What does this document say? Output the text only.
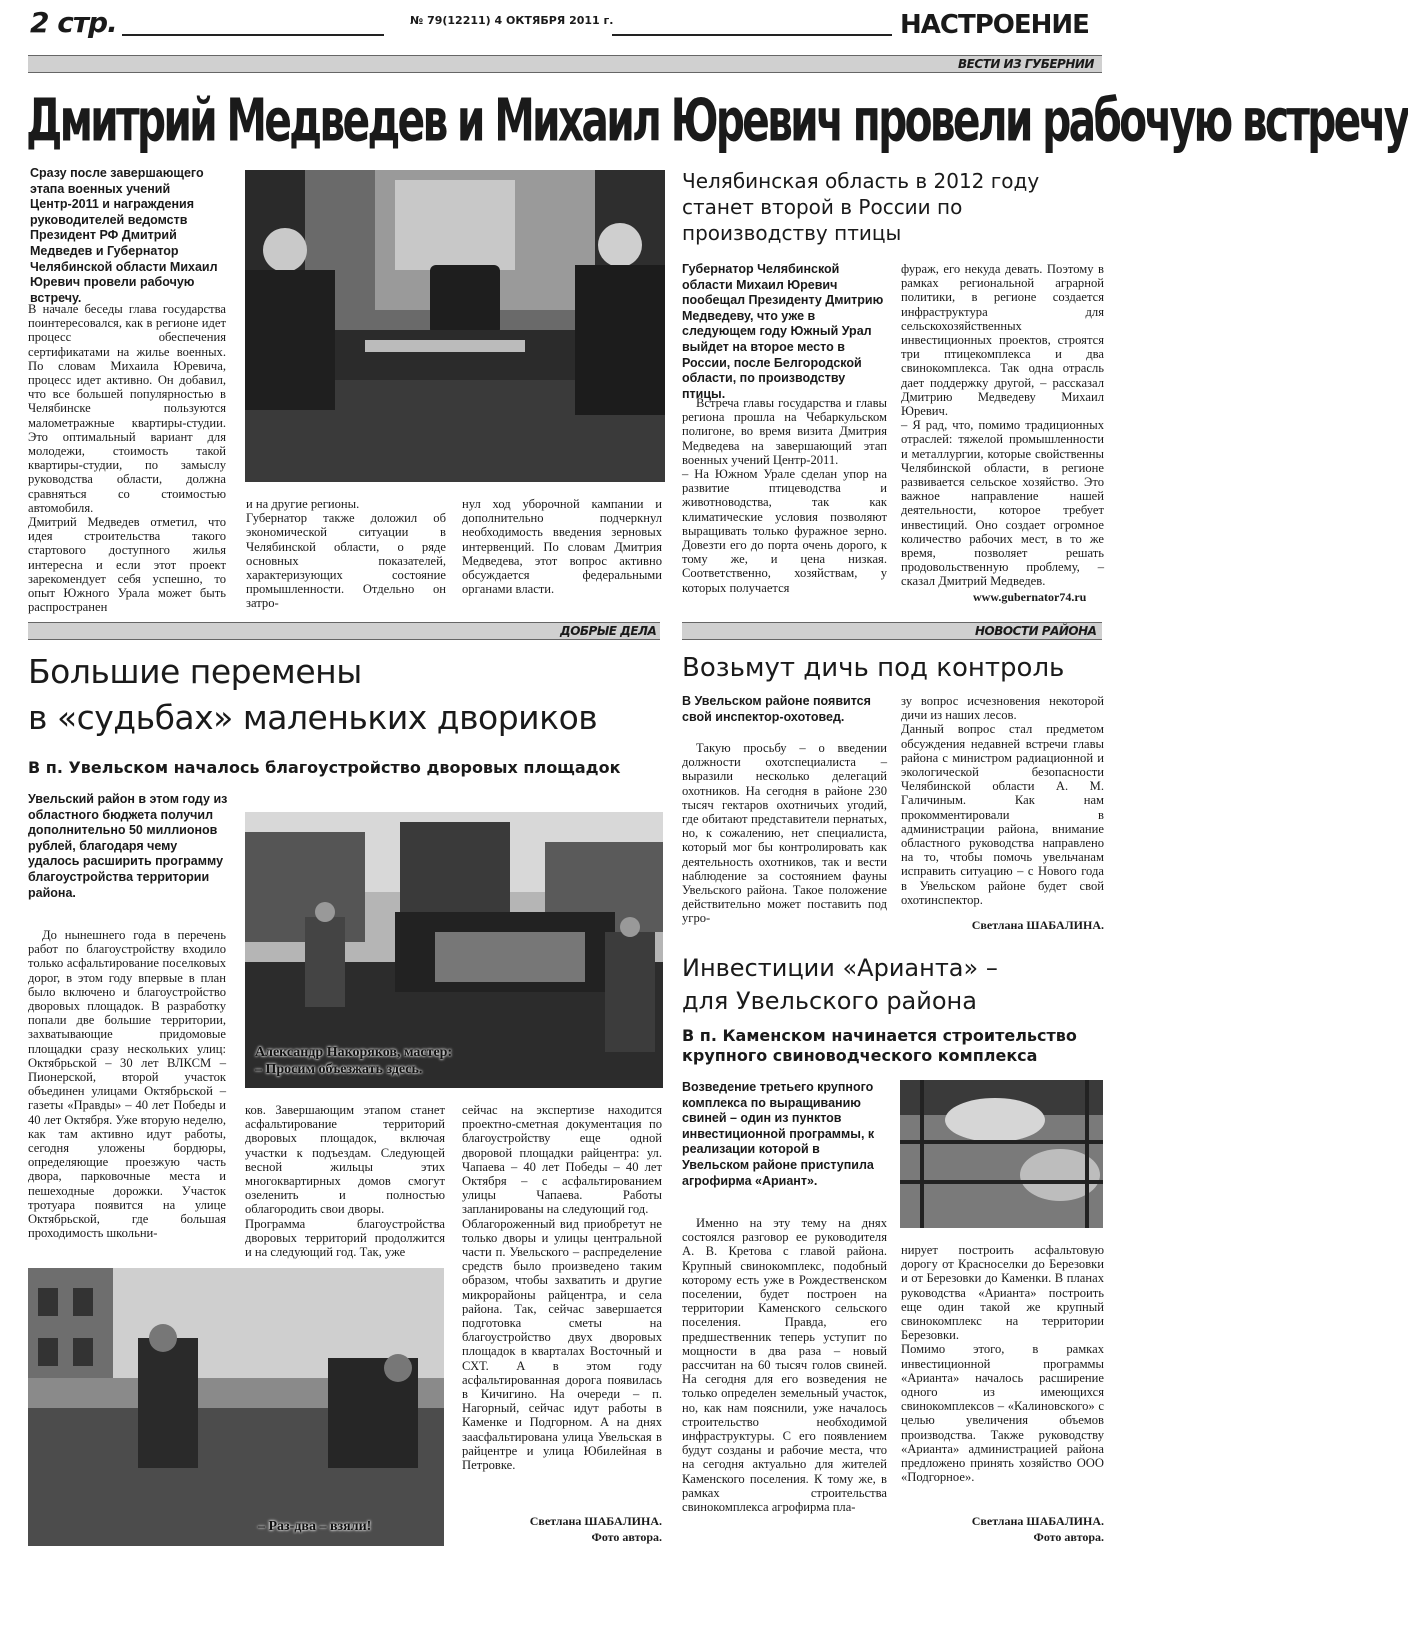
2 стр.	№ 79(12211) 4 ОКТЯБРЯ 2011 г.	НАСТРОЕНИЕ
ВЕСТИ ИЗ ГУБЕРНИИ
Дмитрий Медведев и Михаил Юревич провели рабочую встречу
Сразу после завершающего этапа военных учений Центр-2011 и награждения руководителей ведомств Президент РФ Дмитрий Медведев и Губернатор Челябинской области Михаил Юревич провели рабочую встречу.
В начале беседы глава государства поинтересовался, как в регионе идет процесс обеспечения сертификатами на жилье военных. По словам Михаила Юревича, процесс идет активно. Он добавил, что все большей популярностью в Челябинске пользуются малометражные квартиры-студии. Это оптимальный вариант для молодежи, стоимость такой квартиры-студии, по замыслу руководства области, должна сравняться со стоимостью автомобиля.
Дмитрий Медведев отметил, что идея строительства такого стартового доступного жилья интересна и если этот проект зарекомендует себя успешно, то опыт Южного Урала может быть распространен
и на другие регионы.
Губернатор также доложил об экономической ситуации в Челябинской области, о ряде основных показателей, характеризующих состояние промышленности. Отдельно он затро-
нул ход уборочной кампании и дополнительно подчеркнул необходимость введения зерновых интервенций. По словам Дмитрия Медведева, этот вопрос активно обсуждается федеральными органами власти.
Челябинская область в 2012 году станет второй в России по производству птицы
Губернатор Челябинской области Михаил Юревич пообещал Президенту Дмитрию Медведеву, что уже в следующем году Южный Урал выйдет на второе место в России, после Белгородской области, по производству птицы.
Встреча главы государства и главы региона прошла на Чебаркульском полигоне, во время визита Дмитрия Медведева на завершающий этап военных учений Центр-2011.
– На Южном Урале сделан упор на развитие птицеводства и животноводства, так как климатические условия позволяют выращивать только фуражное зерно. Довезти его до порта очень дорого, к тому же, и цена низкая. Соответственно, хозяйствам, у которых получается
фураж, его некуда девать. Поэтому в рамках региональной аграрной политики, в регионе создается инфраструктура для сельскохозяйственных инвестиционных проектов, строятся три птицекомплекса и два свинокомплекса. Так одна отрасль дает поддержку другой, – рассказал Дмитрию Медведеву Михаил Юревич.
– Я рад, что, помимо традиционных отраслей: тяжелой промышленности и металлургии, которые свойственны Челябинской области, в регионе развивается сельское хозяйство. Это важное направление нашей деятельности, которое требует инвестиций. Оно создает огромное количество рабочих мест, в то же время, позволяет решать продовольственную проблему, – сказал Дмитрий Медведев.
www.gubernator74.ru
ДОБРЫЕ ДЕЛА	НОВОСТИ РАЙОНА
Большие перемены
в «судьбах» маленьких двориков
В п. Увельском началось благоустройство дворовых площадок
Увельский район в этом году из областного бюджета получил дополнительно 50 миллионов рублей, благодаря чему удалось расширить программу благоустройства территории района.
До нынешнего года в перечень работ по благоустройству входило только асфальтирование поселковых дорог, в этом году впервые в план было включено и благоустройство дворовых площадок. В разработку попали две большие территории, захватывающие придомовые площадки сразу нескольких улиц: Октябрьской – 30 лет ВЛКСМ – Пионерской, второй участок объединен улицами Октябрьской – газеты «Правды» – 40 лет Победы и 40 лет Октября. Уже вторую неделю, как там активно идут работы, сегодня уложены бордюры, определяющие проезжую часть двора, парковочные места и пешеходные дорожки. Участок тротуара появится на улице Октябрьской, где большая проходимость школьни-
Александр Накоряков, мастер:
– Просим объезжать здесь.
ков. Завершающим этапом станет асфальтирование территорий дворовых площадок, включая участки к подъездам. Следующей весной жильцы этих многоквартирных домов смогут озеленить и полностью облагородить свои дворы.
Программа благоустройства дворовых территорий продолжится и на следующий год. Так, уже
сейчас на экспертизе находится проектно-сметная документация по благоустройству еще одной дворовой площадки райцентра: ул. Чапаева – 40 лет Победы – 40 лет Октября – с асфальтированием улицы Чапаева. Работы запланированы на следующий год.
Облагороженный вид приобретут не только дворы и улицы центральной части п. Увельского – распределение средств было произведено таким образом, чтобы захватить и другие микрорайоны райцентра, и села района. Так, сейчас завершается подготовка сметы на благоустройство двух дворовых площадок в кварталах Восточный и СХТ. А в этом году асфальтированная дорога появилась в Кичигино. На очереди – п. Нагорный, сейчас идут работы в Каменке и Подгорном. А на днях заасфальтирована улица Увельская в райцентре и улица Юбилейная в Петровке.
– Раз-два – взяли!	Светлана ШАБАЛИНА.
Фото автора.
Возьмут дичь под контроль
В Увельском районе появится свой инспектор-охотовед.
Такую просьбу – о введении должности охотспециалиста – выразили несколько делегаций охотников. На сегодня в районе 230 тысяч гектаров охотничьих угодий, где обитают представители пернатых, но, к сожалению, нет специалиста, который мог бы контролировать как деятельность охотников, так и вести наблюдение за состоянием фауны Увельского района. Такое положение действительно может поставить под угро-
зу вопрос исчезновения некоторой дичи из наших лесов.
Данный вопрос стал предметом обсуждения недавней встречи главы района с министром радиационной и экологической безопасности Челябинской области А. М. Галичиным. Как нам прокомментировали в администрации района, внимание областного руководства направлено на то, чтобы помочь увельчанам исправить ситуацию – с Нового года в Увельском районе будет свой охотинспектор.
Светлана ШАБАЛИНА.
Инвестиции «Арианта» –
для Увельского района
В п. Каменском начинается строительство крупного свиноводческого комплекса
Возведение третьего крупного комплекса по выращиванию свиней – один из пунктов инвестиционной программы, к реализации которой в Увельском районе приступила агрофирма «Ариант».
Именно на эту тему на днях состоялся разговор ее руководителя А. В. Кретова с главой района. Крупный свинокомплекс, подобный которому есть уже в Рождественском поселении, будет построен на территории Каменского сельского поселения. Правда, его предшественник теперь уступит по мощности в два раза – новый рассчитан на 60 тысяч голов свиней. На сегодня для его возведения не только определен земельный участок, но, как нам пояснили, уже началось строительство необходимой инфраструктуры. С его появлением будут созданы и рабочие места, что на сегодня актуально для жителей Каменского поселения. К тому же, в рамках строительства свинокомплекса агрофирма пла-
нирует построить асфальтовую дорогу от Красноселки до Березовки и от Березовки до Каменки. В планах руководства «Арианта» построить еще один такой же крупный свинокомплекс на территории Березовки.
Помимо этого, в рамках инвестиционной программы «Арианта» началось расширение одного из имеющихся свинокомплексов – «Калиновского» с целью увеличения объемов производства. Также руководству «Арианта» администрацией района предложено принять хозяйство ООО «Подгорное».
Светлана ШАБАЛИНА.
Фото автора.
